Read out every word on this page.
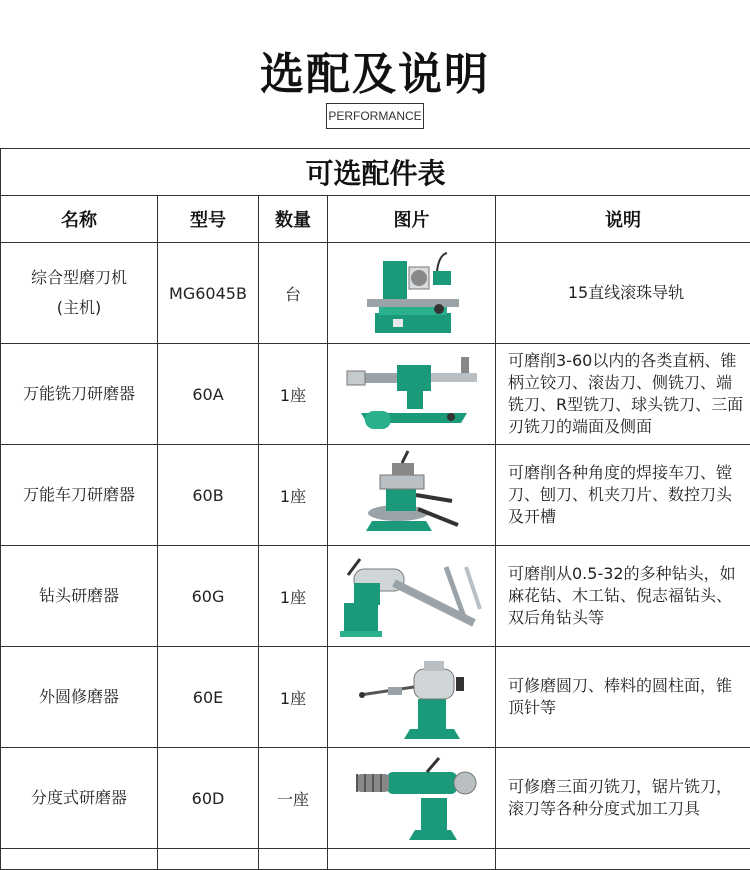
选配及说明
PERFORMANCE
可选配件表				
名称	型号	数量	图片	说明
综合型磨刀机 (主机)	MG6045B	台		15直线滚珠导轨
万能铣刀研磨器	60A	1座		可磨削3-60以内的各类直柄、锥柄立铰刀、滚齿刀、侧铣刀、端铣刀、R型铣刀、球头铣刀、三面刃铣刀的端面及侧面
万能车刀研磨器	60B	1座		可磨削各种角度的焊接车刀、镗刀、刨刀、机夹刀片、数控刀头及开槽
钻头研磨器	60G	1座		可磨削从0.5-32的多种钻头，如麻花钻、木工钻、倪志福钻头、双后角钻头等
外圆修磨器	60E	1座		可修磨圆刀、棒料的圆柱面，锥顶针等
分度式研磨器	60D	一座		可修磨三面刃铣刀，锯片铣刀，滚刀等各种分度式加工刀具
